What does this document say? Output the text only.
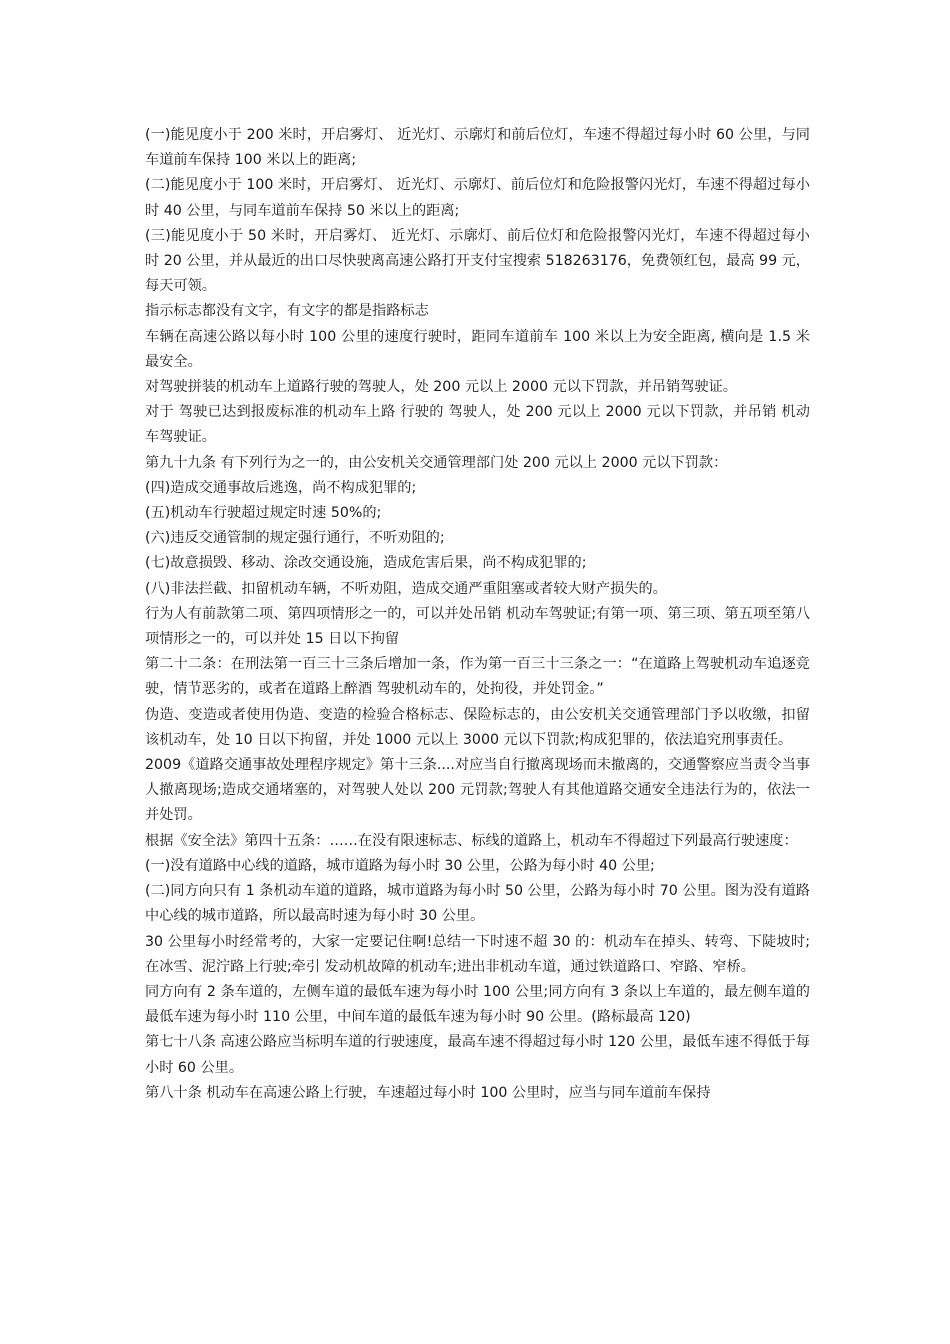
(一)能见度小于 200 米时，开启雾灯、 近光灯、示廓灯和前后位灯，车速不得超过每小时 60 公里，与同车道前车保持 100 米以上的距离;

(二)能见度小于 100 米时，开启雾灯、 近光灯、示廓灯、前后位灯和危险报警闪光灯，车速不得超过每小时 40 公里，与同车道前车保持 50 米以上的距离;

(三)能见度小于 50 米时，开启雾灯、 近光灯、示廓灯、前后位灯和危险报警闪光灯，车速不得超过每小时 20 公里，并从最近的出口尽快驶离高速公路打开支付宝搜索 518263176，免费领红包，最高 99 元，每天可领。

指示标志都没有文字，有文字的都是指路标志

车辆在高速公路以每小时 100 公里的速度行驶时，距同车道前车 100 米以上为安全距离, 横向是 1.5 米最安全。

对驾驶拼装的机动车上道路行驶的驾驶人，处 200 元以上 2000 元以下罚款，并吊销驾驶证。

对于 驾驶已达到报废标准的机动车上路 行驶的 驾驶人，处 200 元以上 2000 元以下罚款，并吊销 机动车驾驶证。

第九十九条 有下列行为之一的，由公安机关交通管理部门处 200 元以上 2000 元以下罚款：

(四)造成交通事故后逃逸，尚不构成犯罪的;

(五)机动车行驶超过规定时速 50%的;

(六)违反交通管制的规定强行通行，不听劝阻的;

(七)故意损毁、移动、涂改交通设施，造成危害后果，尚不构成犯罪的;

(八)非法拦截、扣留机动车辆，不听劝阻，造成交通严重阻塞或者较大财产损失的。

行为人有前款第二项、第四项情形之一的，可以并处吊销 机动车驾驶证;有第一项、第三项、第五项至第八项情形之一的，可以并处 15 日以下拘留

第二十二条：在刑法第一百三十三条后增加一条，作为第一百三十三条之一：“在道路上驾驶机动车追逐竞驶，情节恶劣的，或者在道路上醉酒 驾驶机动车的，处拘役，并处罚金。”

伪造、变造或者使用伪造、变造的检验合格标志、保险标志的，由公安机关交通管理部门予以收缴，扣留该机动车，处 10 日以下拘留，并处 1000 元以上 3000 元以下罚款;构成犯罪的，依法追究刑事责任。

2009《道路交通事故处理程序规定》第十三条....对应当自行撤离现场而未撤离的，交通警察应当责令当事人撤离现场;造成交通堵塞的，对驾驶人处以 200 元罚款;驾驶人有其他道路交通安全违法行为的，依法一并处罚。

根据《安全法》第四十五条：……在没有限速标志、标线的道路上，机动车不得超过下列最高行驶速度：

(一)没有道路中心线的道路，城市道路为每小时 30 公里，公路为每小时 40 公里;

(二)同方向只有 1 条机动车道的道路，城市道路为每小时 50 公里，公路为每小时 70 公里。图为没有道路中心线的城市道路，所以最高时速为每小时 30 公里。

30 公里每小时经常考的，大家一定要记住啊!总结一下时速不超 30 的：机动车在掉头、转弯、下陡坡时;在冰雪、泥泞路上行驶;牵引 发动机故障的机动车;进出非机动车道，通过铁道路口、窄路、窄桥。

同方向有 2 条车道的，左侧车道的最低车速为每小时 100 公里;同方向有 3 条以上车道的，最左侧车道的最低车速为每小时 110 公里，中间车道的最低车速为每小时 90 公里。(路标最高 120)

第七十八条 高速公路应当标明车道的行驶速度，最高车速不得超过每小时 120 公里，最低车速不得低于每小时 60 公里。

第八十条 机动车在高速公路上行驶，车速超过每小时 100 公里时，应当与同车道前车保持
